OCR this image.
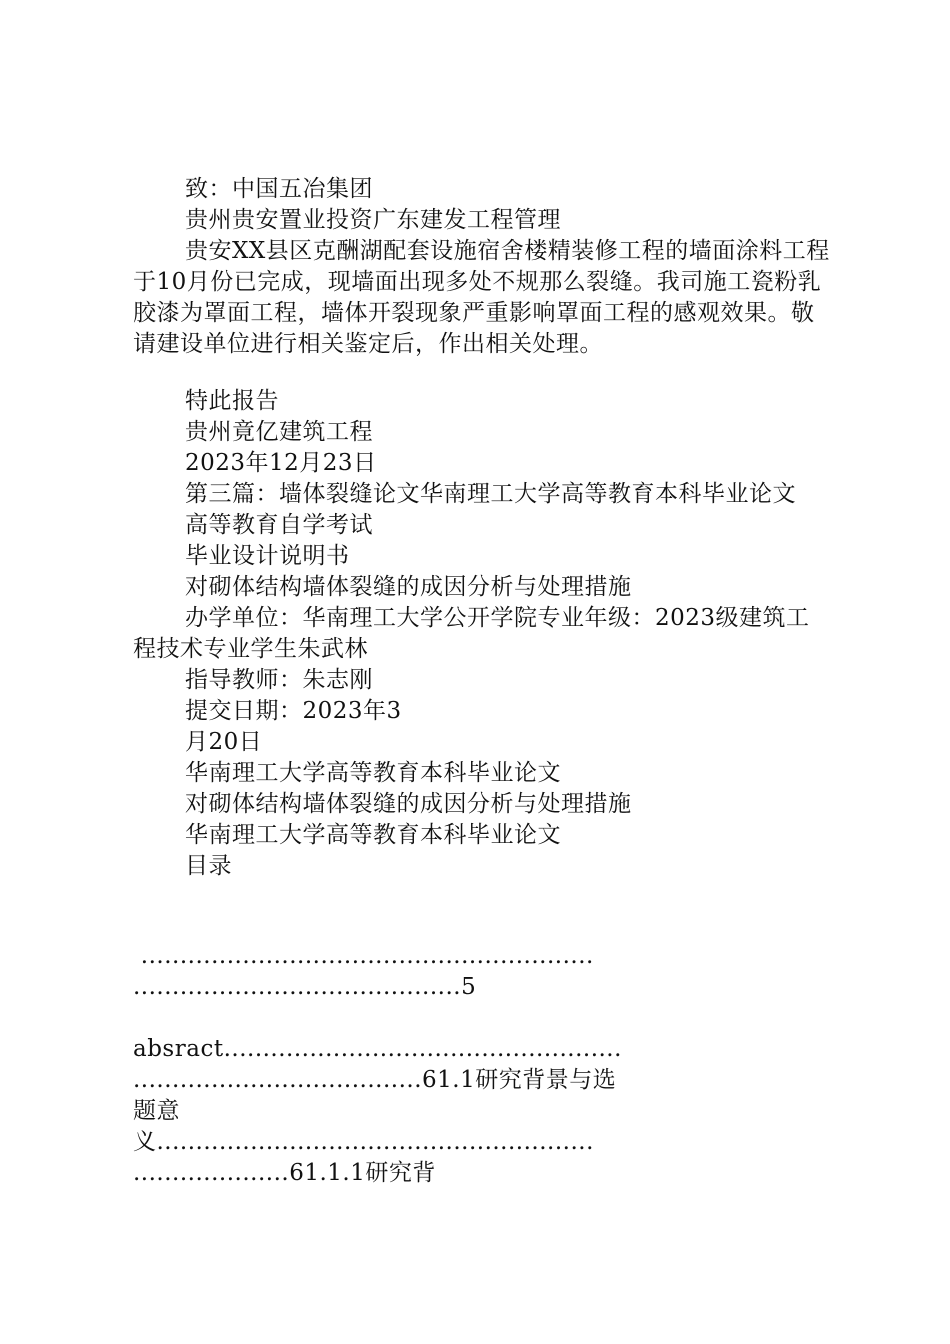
致：中国五冶集团

贵州贵安置业投资广东建发工程管理

贵安XX县区克酬湖配套设施宿舍楼精装修工程的墙面涂料工程于10月份已完成，现墙面出现多处不规那么裂缝。我司施工瓷粉乳胶漆为罩面工程，墙体开裂现象严重影响罩面工程的感观效果。敬请建设单位进行相关鉴定后，作出相关处理。

特此报告

贵州竟亿建筑工程

2023年12月23日

第三篇：墙体裂缝论文华南理工大学高等教育本科毕业论文

高等教育自学考试

毕业设计说明书

对砌体结构墙体裂缝的成因分析与处理措施

办学单位：华南理工大学公开学院专业年级：2023级建筑工程技术专业学生朱武林

指导教师：朱志刚

提交日期：2023年3

月20日

华南理工大学高等教育本科毕业论文

对砌体结构墙体裂缝的成因分析与处理措施

华南理工大学高等教育本科毕业论文

目录

..........................................................

..........................................5

absract...................................................

.....................................61.1研究背景与选

题意

义........................................................

....................61.1.1研究背
